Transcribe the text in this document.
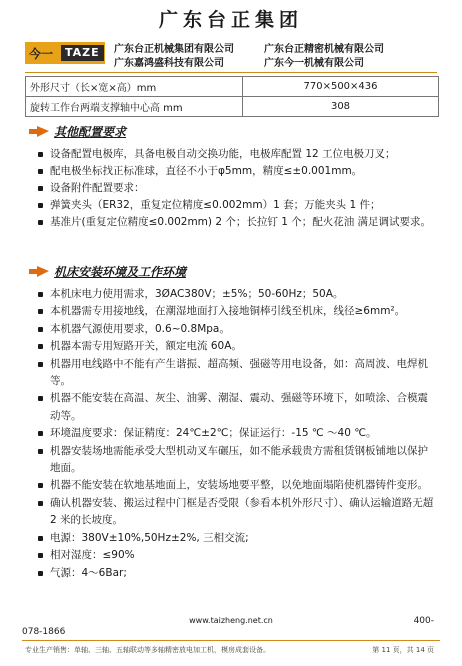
广东台正集团
今一	TAZE	广东台正机械集团有限公司	广东台正精密机械有限公司
广东嘉鸿盛科技有限公司	广东今一机械有限公司
外形尺寸（长×宽×高）mm	770×500×436
旋转工作台两端支撑轴中心高 mm	308
其他配置要求
设备配置电极库，具备电极自动交换功能，电极库配置 12 工位电极刀叉；
配电极坐标找正标准球，直径不小于φ5mm，精度≤±0.001mm。
设备附件配置要求：
弹簧夹头（ER32，重复定位精度≤0.002mm）1 套；万能夹头 1 件；
基准片(重复定位精度≤0.002mm) 2 个；长拉钉 1 个；配火花油 满足调试要求。
机床安装环境及工作环境
本机床电力使用需求，3ØAC380V；±5%；50-60Hz；50A。
本机器需专用接地线，在潮湿地面打入接地铜棒引线至机床，线径≥6mm²。
本机器气源使用要求，0.6~0.8Mpa。
机器本需专用短路开关，额定电流 60A。
机器用电线路中不能有产生谐振、超高频、强磁等用电设备，如：高周波、电焊机等。
机器不能安装在高温、灰尘、油雾、潮湿、震动、强磁等环境下，如喷涂、合模震动等。
环境温度要求：保证精度：24℃±2℃；保证运行：-15 ℃ ～40 ℃。
机器安装场地需能承受大型机动叉车碾压，如不能承载贵方需租赁钢板铺地以保护地面。
机器不能安装在软地基地面上，安装场地要平整，以免地面塌陷使机器铸件变形。
确认机器安装、搬运过程中门框是否受限（参看本机外形尺寸）、确认运输道路无超 2 米的长坡度。
电源：380V±10%,50Hz±2%, 三相交流;
相对湿度：≤90%
气源：4～6Bar;
www.taizheng.net.cn	400-
078-1866
专业生产销售：单轴、三轴、五轴联动等多轴精密放电加工机，模房成套设备。	第 11 页，共 14 页
